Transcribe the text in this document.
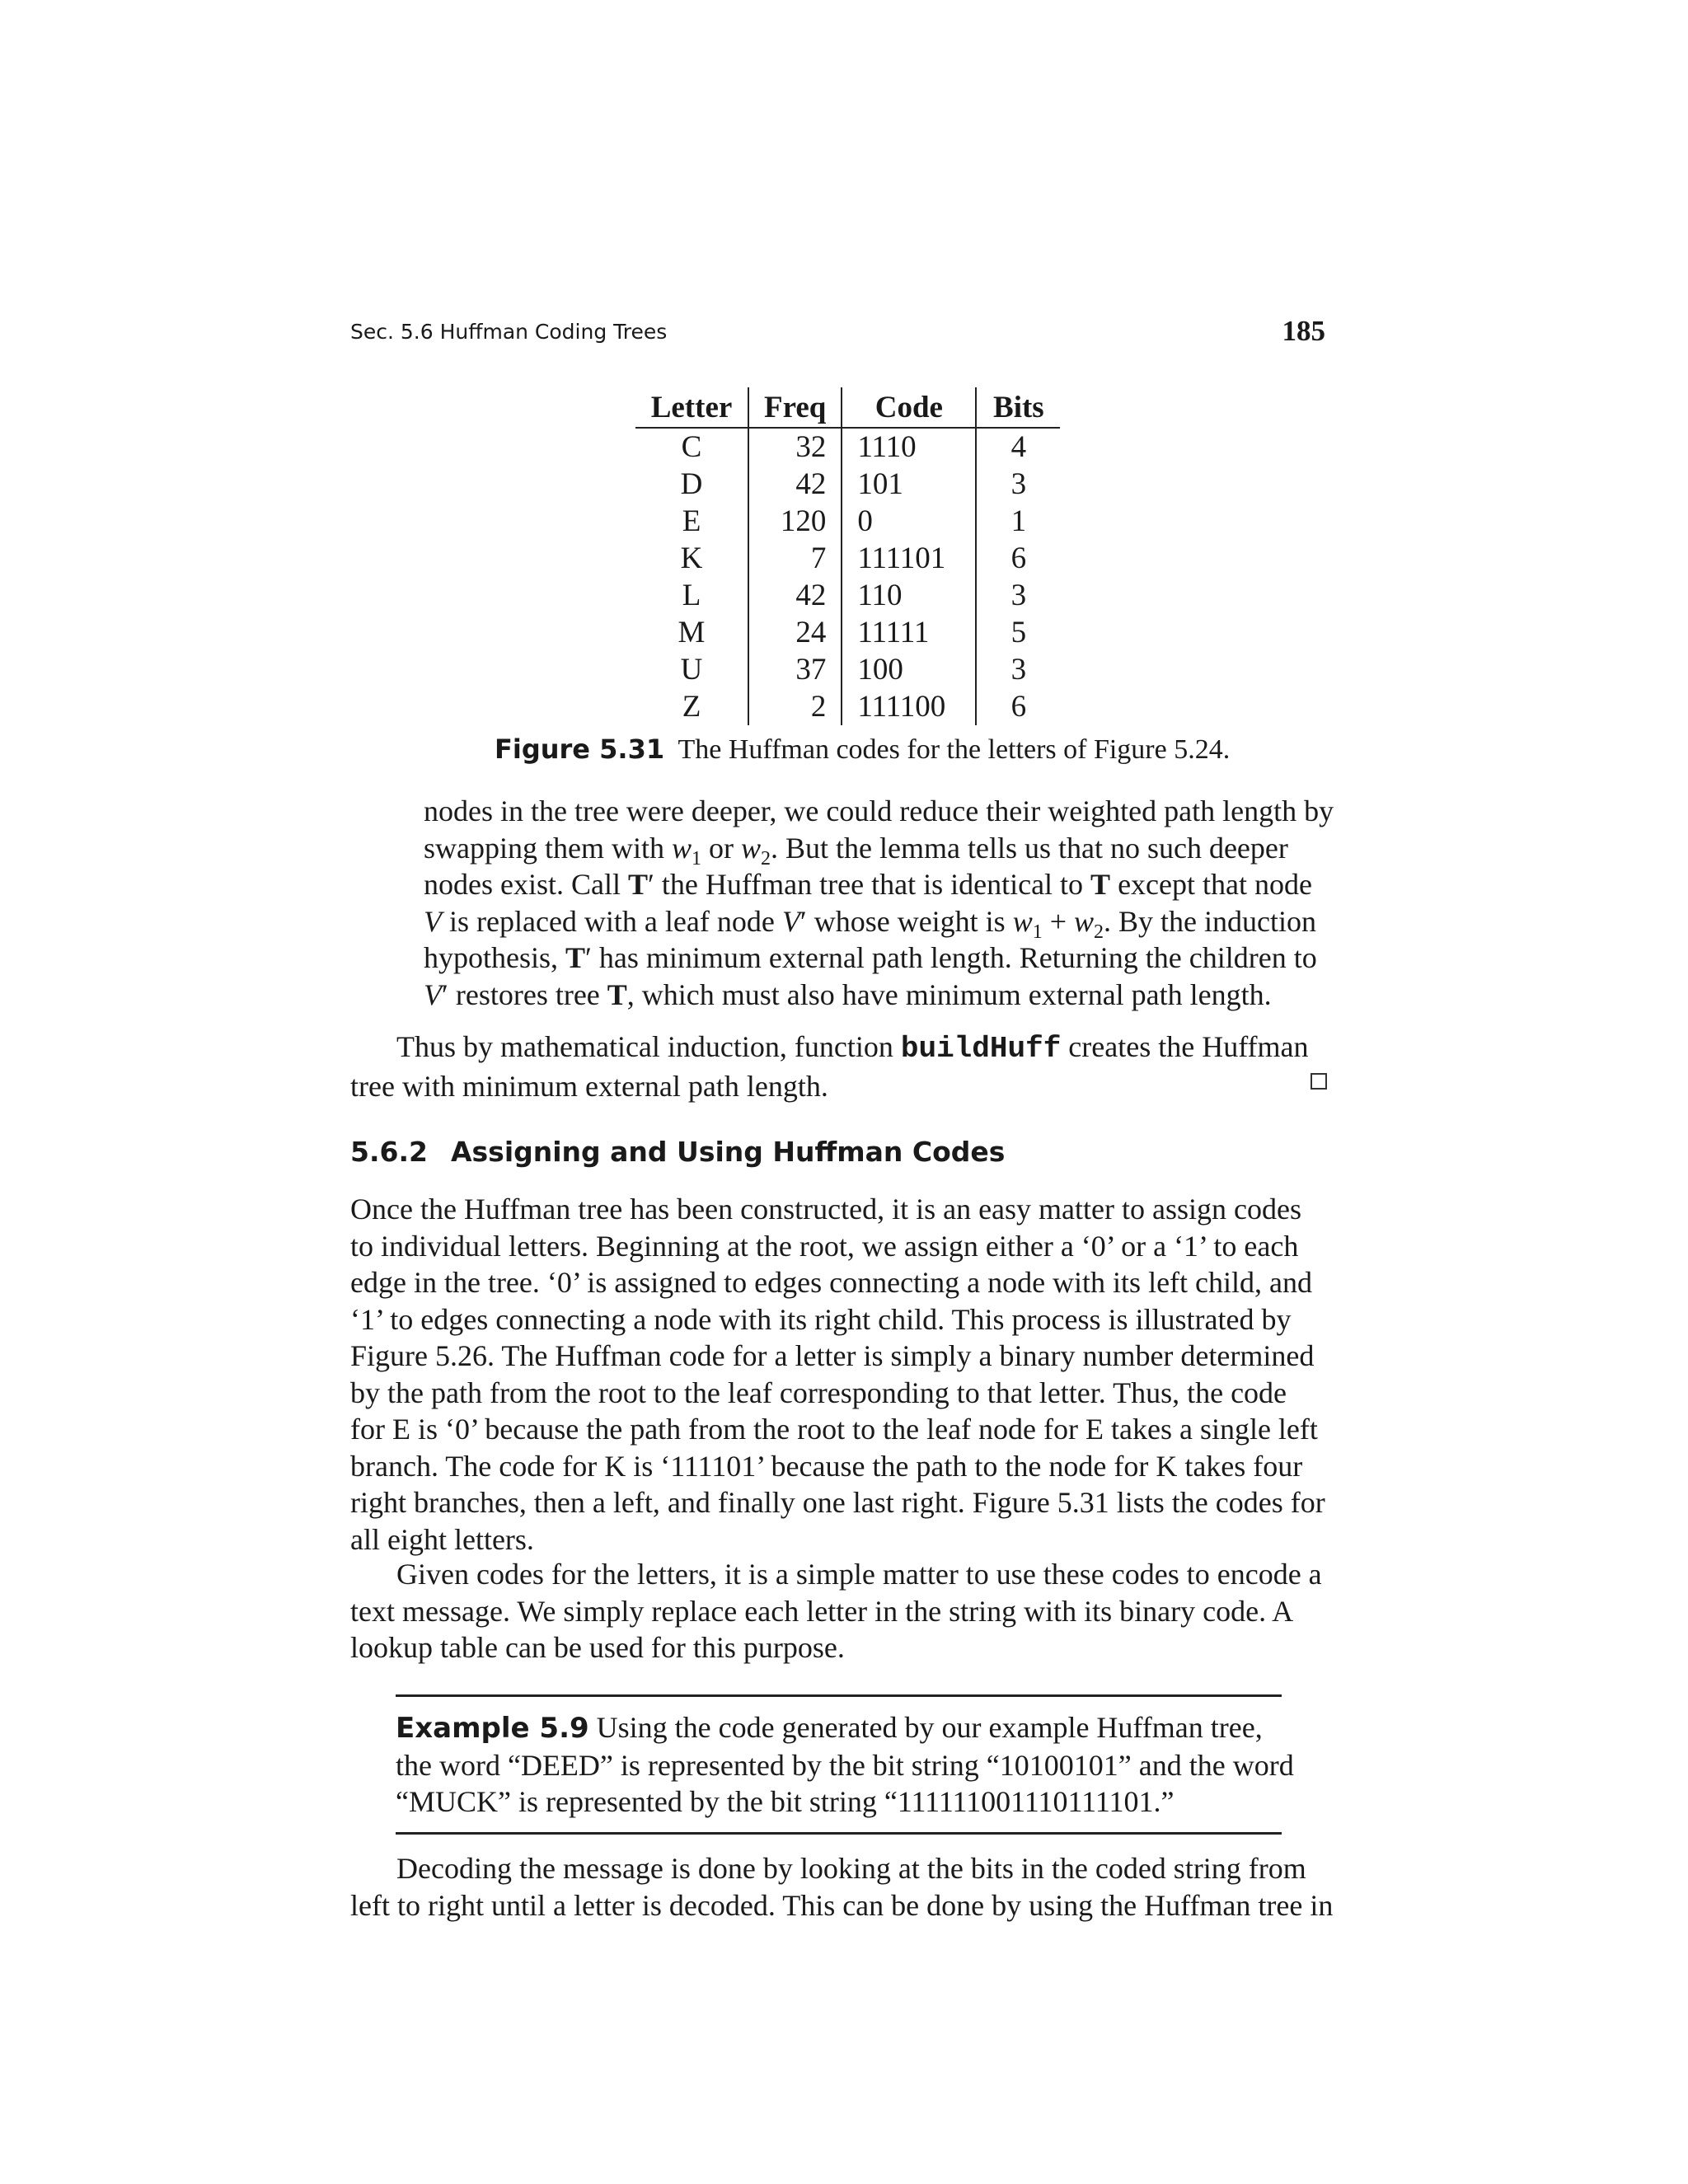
Sec. 5.6 Huffman Coding Trees	185
Letter	Freq	Code	Bits
C	32	1110	4
D	42	101	3
E	120	0	1
K	7	111101	6
L	42	110	3
M	24	11111	5
U	37	100	3
Z	2	111100	6
Figure 5.31 The Huffman codes for the letters of Figure 5.24.
nodes in the tree were deeper, we could reduce their weighted path length by
swapping them with $w_1$ or $w_2$. But the lemma tells us that no such deeper
nodes exist. Call T′ the Huffman tree that is identical to T except that node
V is replaced with a leaf node V′ whose weight is $w_1 + w_2$. By the induction
hypothesis, T′ has minimum external path length. Returning the children to
V′ restores tree T, which must also have minimum external path length.
Thus by mathematical induction, function buildHuff creates the Huffman
tree with minimum external path length.
5.6.2 Assigning and Using Huffman Codes
Once the Huffman tree has been constructed, it is an easy matter to assign codes
to individual letters. Beginning at the root, we assign either a ‘0’ or a ‘1’ to each
edge in the tree. ‘0’ is assigned to edges connecting a node with its left child, and
‘1’ to edges connecting a node with its right child. This process is illustrated by
Figure 5.26. The Huffman code for a letter is simply a binary number determined
by the path from the root to the leaf corresponding to that letter. Thus, the code
for E is ‘0’ because the path from the root to the leaf node for E takes a single left
branch. The code for K is ‘111101’ because the path to the node for K takes four
right branches, then a left, and finally one last right. Figure 5.31 lists the codes for
all eight letters.
Given codes for the letters, it is a simple matter to use these codes to encode a
text message. We simply replace each letter in the string with its binary code. A
lookup table can be used for this purpose.
Example 5.9 Using the code generated by our example Huffman tree,
the word “DEED” is represented by the bit string “10100101” and the word
“MUCK” is represented by the bit string “111111001110111101.”
Decoding the message is done by looking at the bits in the coded string from
left to right until a letter is decoded. This can be done by using the Huffman tree in
